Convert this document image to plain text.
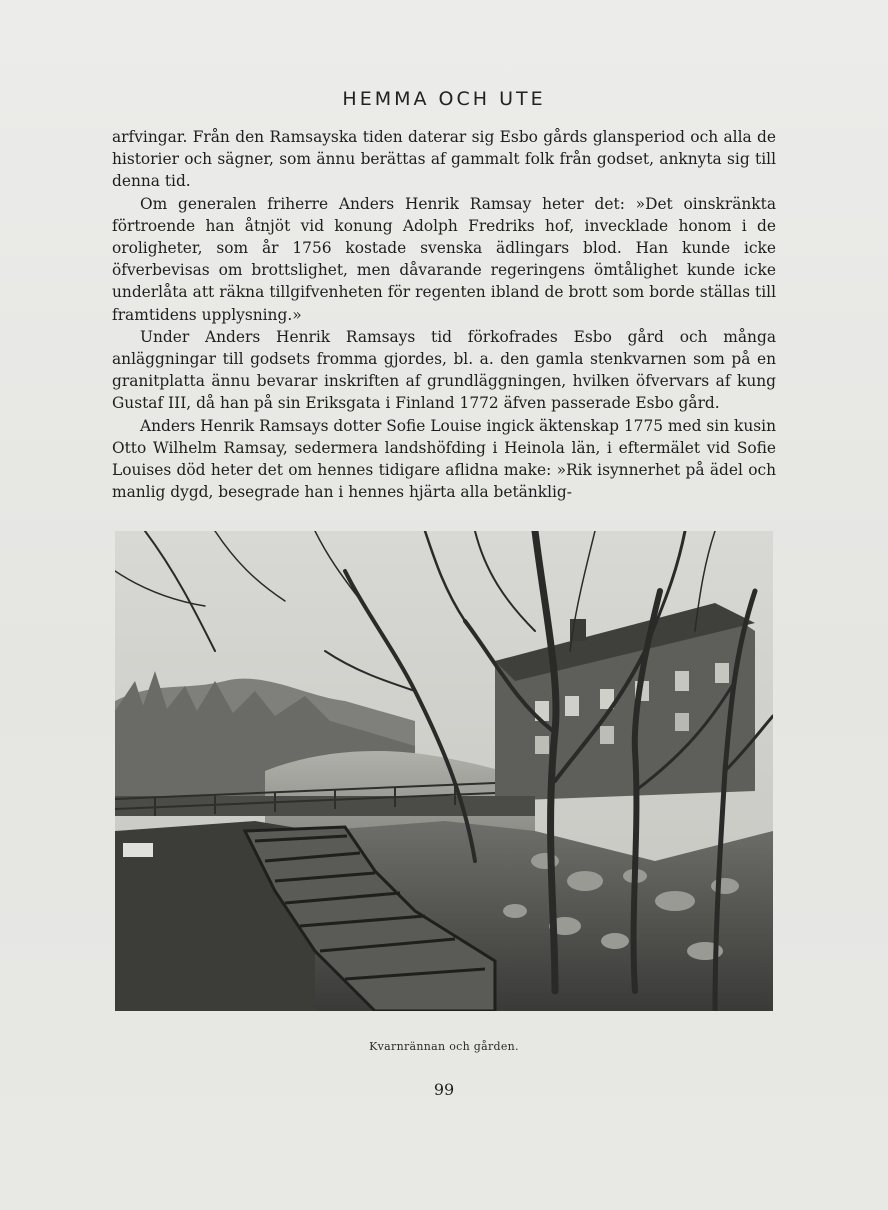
HEMMA OCH UTE

arfvingar. Från den Ramsayska tiden daterar sig Esbo gårds glansperiod och alla de historier och sägner, som ännu berättas af gammalt folk från godset, anknyta sig till denna tid.

Om generalen friherre Anders Henrik Ramsay heter det: »Det oinskränkta förtroende han åtnjöt vid konung Adolph Fredriks hof, invecklade honom i de oroligheter, som år 1756 kostade svenska ädlingars blod. Han kunde icke öfverbevisas om brottslighet, men dåvarande regeringens ömtålighet kunde icke underlåta att räkna tillgifvenheten för regenten ibland de brott som borde ställas till framtidens upplysning.»

Under Anders Henrik Ramsays tid förkofrades Esbo gård och många anläggningar till godsets fromma gjordes, bl. a. den gamla stenkvarnen som på en granitplatta ännu bevarar inskriften af grundläggningen, hvilken öfvervars af kung Gustaf III, då han på sin Eriksgata i Finland 1772 äfven passerade Esbo gård.

Anders Henrik Ramsays dotter Sofie Louise ingick äktenskap 1775 med sin kusin Otto Wilhelm Ramsay, sedermera landshöfding i Heinola län, i eftermälet vid Sofie Louises död heter det om hennes tidigare aflidna make: »Rik isynnerhet på ädel och manlig dygd, besegrade han i hennes hjärta alla betänklig-

Kvarnrännan och gården.
99
